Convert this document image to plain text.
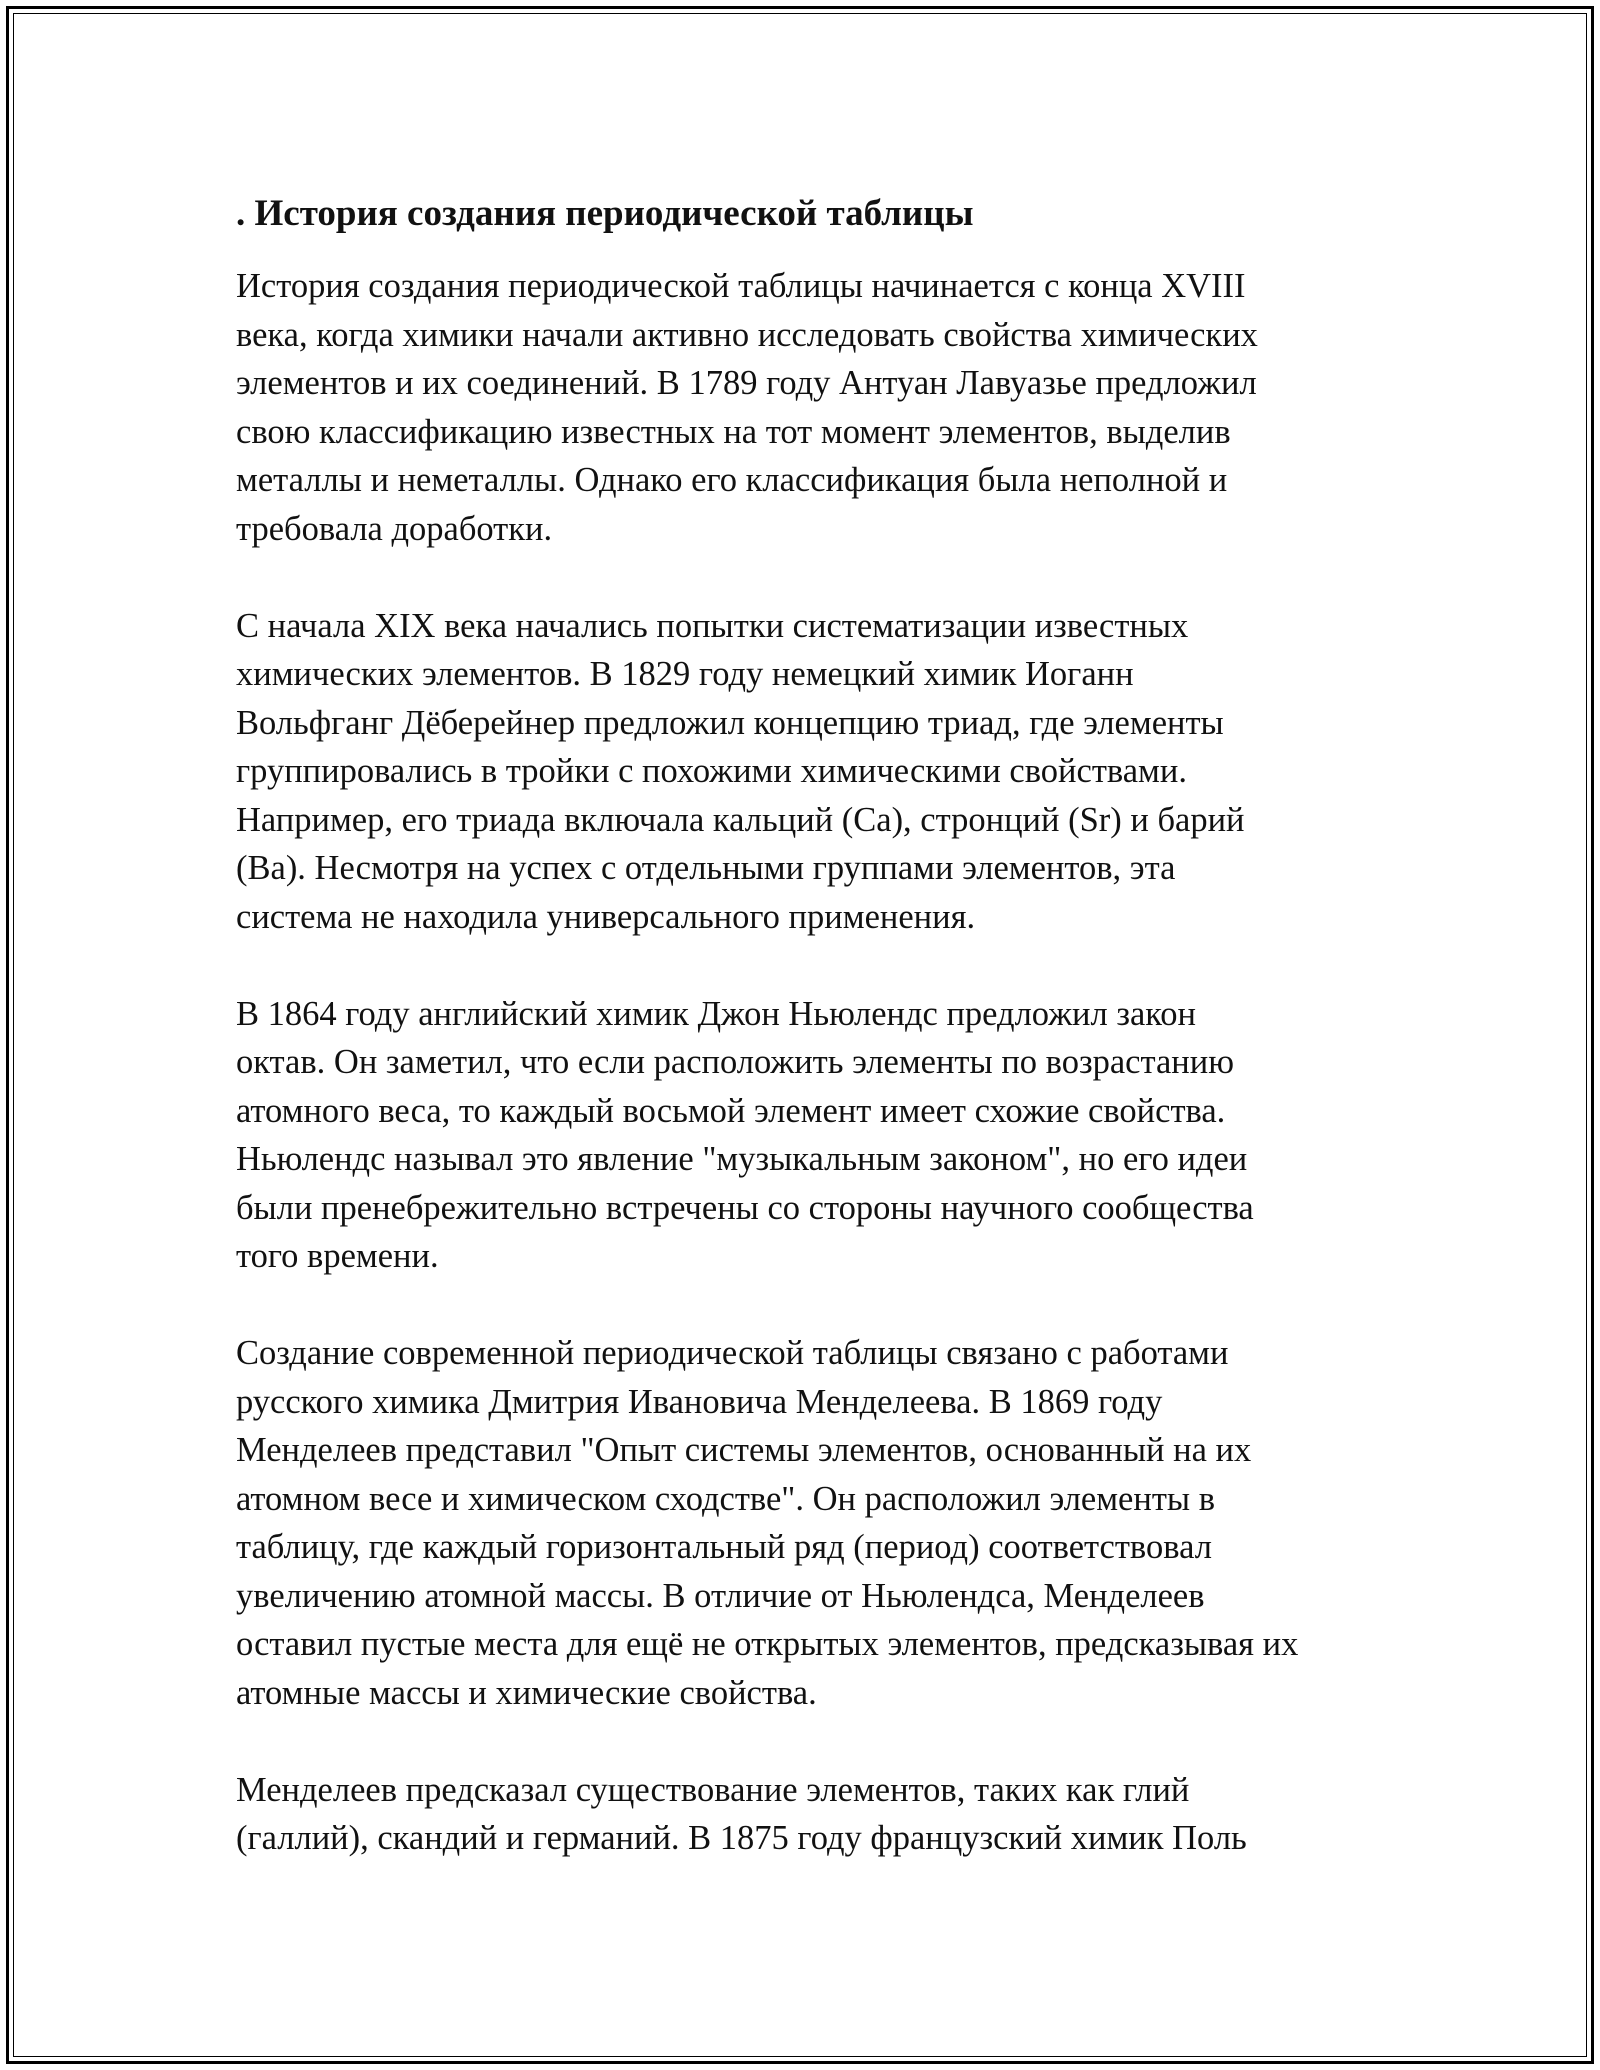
. История создания периодической таблицы
История создания периодической таблицы начинается с конца XVIII
века, когда химики начали активно исследовать свойства химических
элементов и их соединений. В 1789 году Антуан Лавуазье предложил
свою классификацию известных на тот момент элементов, выделив
металлы и неметаллы. Однако его классификация была неполной и
требовала доработки.
С начала XIX века начались попытки систематизации известных
химических элементов. В 1829 году немецкий химик Иоганн
Вольфганг Дёберейнер предложил концепцию триад, где элементы
группировались в тройки с похожими химическими свойствами.
Например, его триада включала кальций (Ca), стронций (Sr) и барий
(Ba). Несмотря на успех с отдельными группами элементов, эта
система не находила универсального применения.
В 1864 году английский химик Джон Ньюлендс предложил закон
октав. Он заметил, что если расположить элементы по возрастанию
атомного веса, то каждый восьмой элемент имеет схожие свойства.
Ньюлендс называл это явление "музыкальным законом", но его идеи
были пренебрежительно встречены со стороны научного сообщества
того времени.
Создание современной периодической таблицы связано с работами
русского химика Дмитрия Ивановича Менделеева. В 1869 году
Менделеев представил "Опыт системы элементов, основанный на их
атомном весе и химическом сходстве". Он расположил элементы в
таблицу, где каждый горизонтальный ряд (период) соответствовал
увеличению атомной массы. В отличие от Ньюлендса, Менделеев
оставил пустые места для ещё не открытых элементов, предсказывая их
атомные массы и химические свойства.
Менделеев предсказал существование элементов, таких как глий
(галлий), скандий и германий. В 1875 году французский химик Поль
